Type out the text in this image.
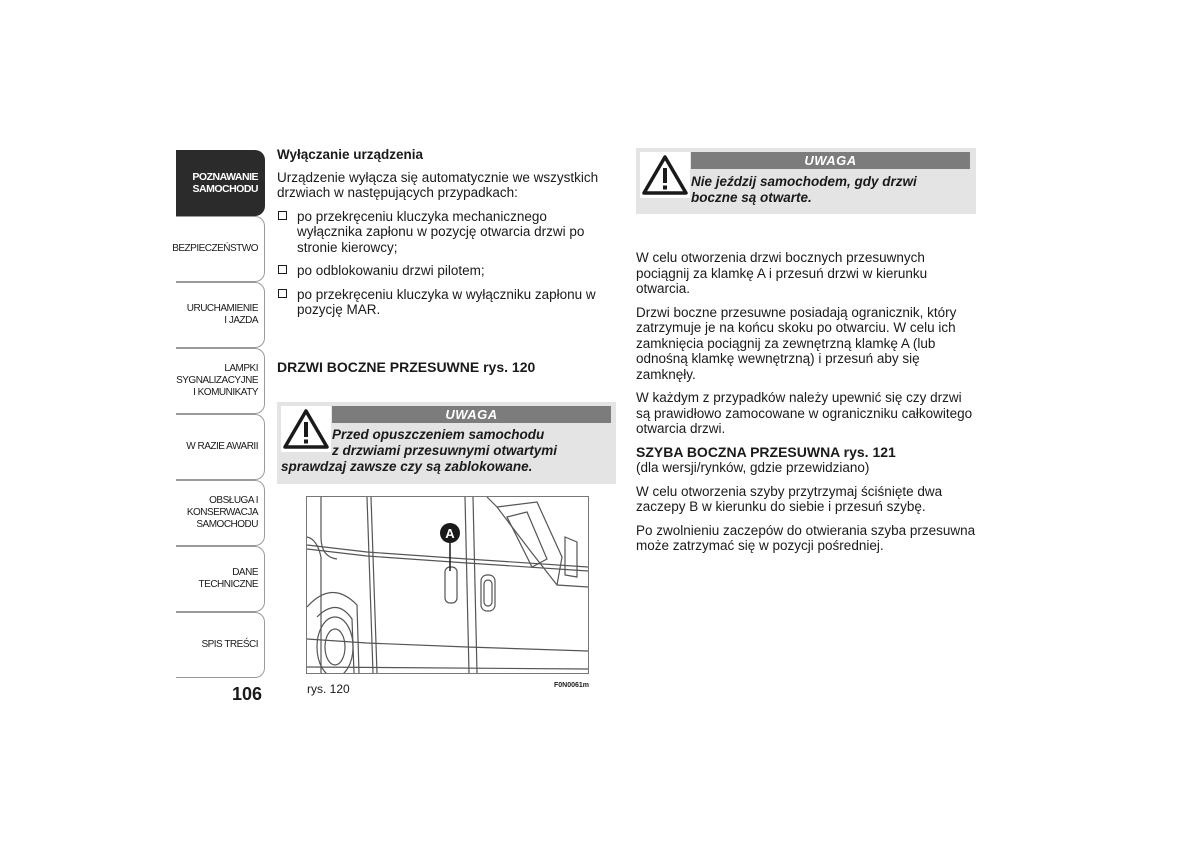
POZNAWANIE
SAMOCHODU
BEZPIECZEŃSTWO
URUCHAMIENIE
I JAZDA
LAMPKI
SYGNALIZACYJNE
I KOMUNIKATY
W RAZIE AWARII
OBSŁUGA I
KONSERWACJA
SAMOCHODU
DANE TECHNICZNE
SPIS TREŚCI
106
Wyłączanie urządzenia

Urządzenie wyłącza się automatycznie we wszystkich drzwiach w następujących przypadkach:

po przekręceniu kluczyka mechanicznego wyłącznika zapłonu w pozycję otwarcia drzwi po stronie kierowcy;
po odblokowaniu drzwi pilotem;
po przekręceniu kluczyka w wyłączniku zapłonu w pozycję MAR.
DRZWI BOCZNE PRZESUWNE rys. 120
UWAGA
Przed opuszczeniem samochodu
z drzwiami przesuwnymi otwartymi
sprawdzaj zawsze czy są zablokowane.
A
rys. 120	F0N0061m
UWAGA
Nie jeździj samochodem, gdy drzwi
boczne są otwarte.

W celu otworzenia drzwi bocznych przesuwnych pociągnij za klamkę A i przesuń drzwi w kierunku otwarcia.

Drzwi boczne przesuwne posiadają ogranicznik, który zatrzymuje je na końcu skoku po otwarciu. W celu ich zamknięcia pociągnij za zewnętrzną klamkę A (lub odnośną klamkę wewnętrzną) i przesuń aby się zamknęły.

W każdym z przypadków należy upewnić się czy drzwi są prawidłowo zamocowane w ograniczniku całkowitego otwarcia drzwi.

SZYBA BOCZNA PRZESUWNA rys. 121

(dla wersji/rynków, gdzie przewidziano)

W celu otworzenia szyby przytrzymaj ściśnięte dwa zaczepy B w kierunku do siebie i przesuń szybę.

Po zwolnieniu zaczepów do otwierania szyba przesuwna może zatrzymać się w pozycji pośredniej.
